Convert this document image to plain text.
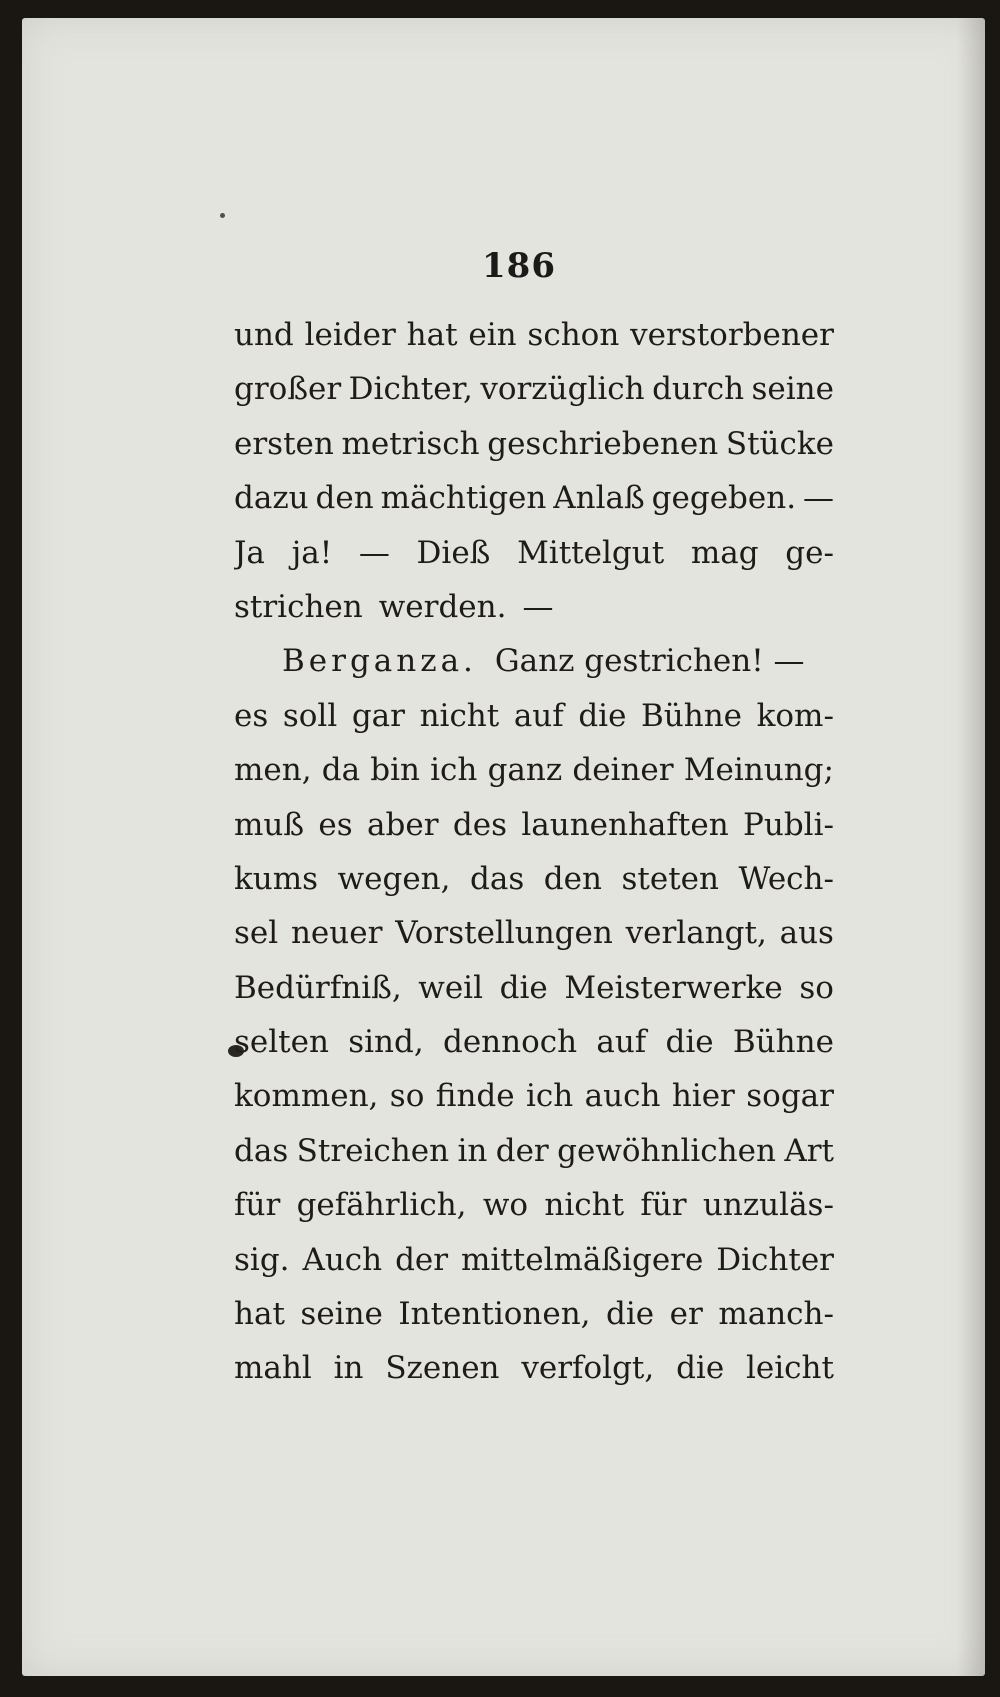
186
und leider hat ein schon verstorbener
großer Dichter, vorzüglich durch seine
ersten metrisch geschriebenen Stücke
dazu den mächtigen Anlaß gegeben. —
Ja ja! — Dieß Mittelgut mag ge-
strichen werden. —
Berganza. Ganz gestrichen! —
es soll gar nicht auf die Bühne kom-
men, da bin ich ganz deiner Meinung;
muß es aber des launenhaften Publi-
kums wegen, das den steten Wech-
sel neuer Vorstellungen verlangt, aus
Bedürfniß, weil die Meisterwerke so
selten sind, dennoch auf die Bühne
kommen, so finde ich auch hier sogar
das Streichen in der gewöhnlichen Art
für gefährlich, wo nicht für unzuläs-
sig. Auch der mittelmäßigere Dichter
hat seine Intentionen, die er manch-
mahl in Szenen verfolgt, die leicht
